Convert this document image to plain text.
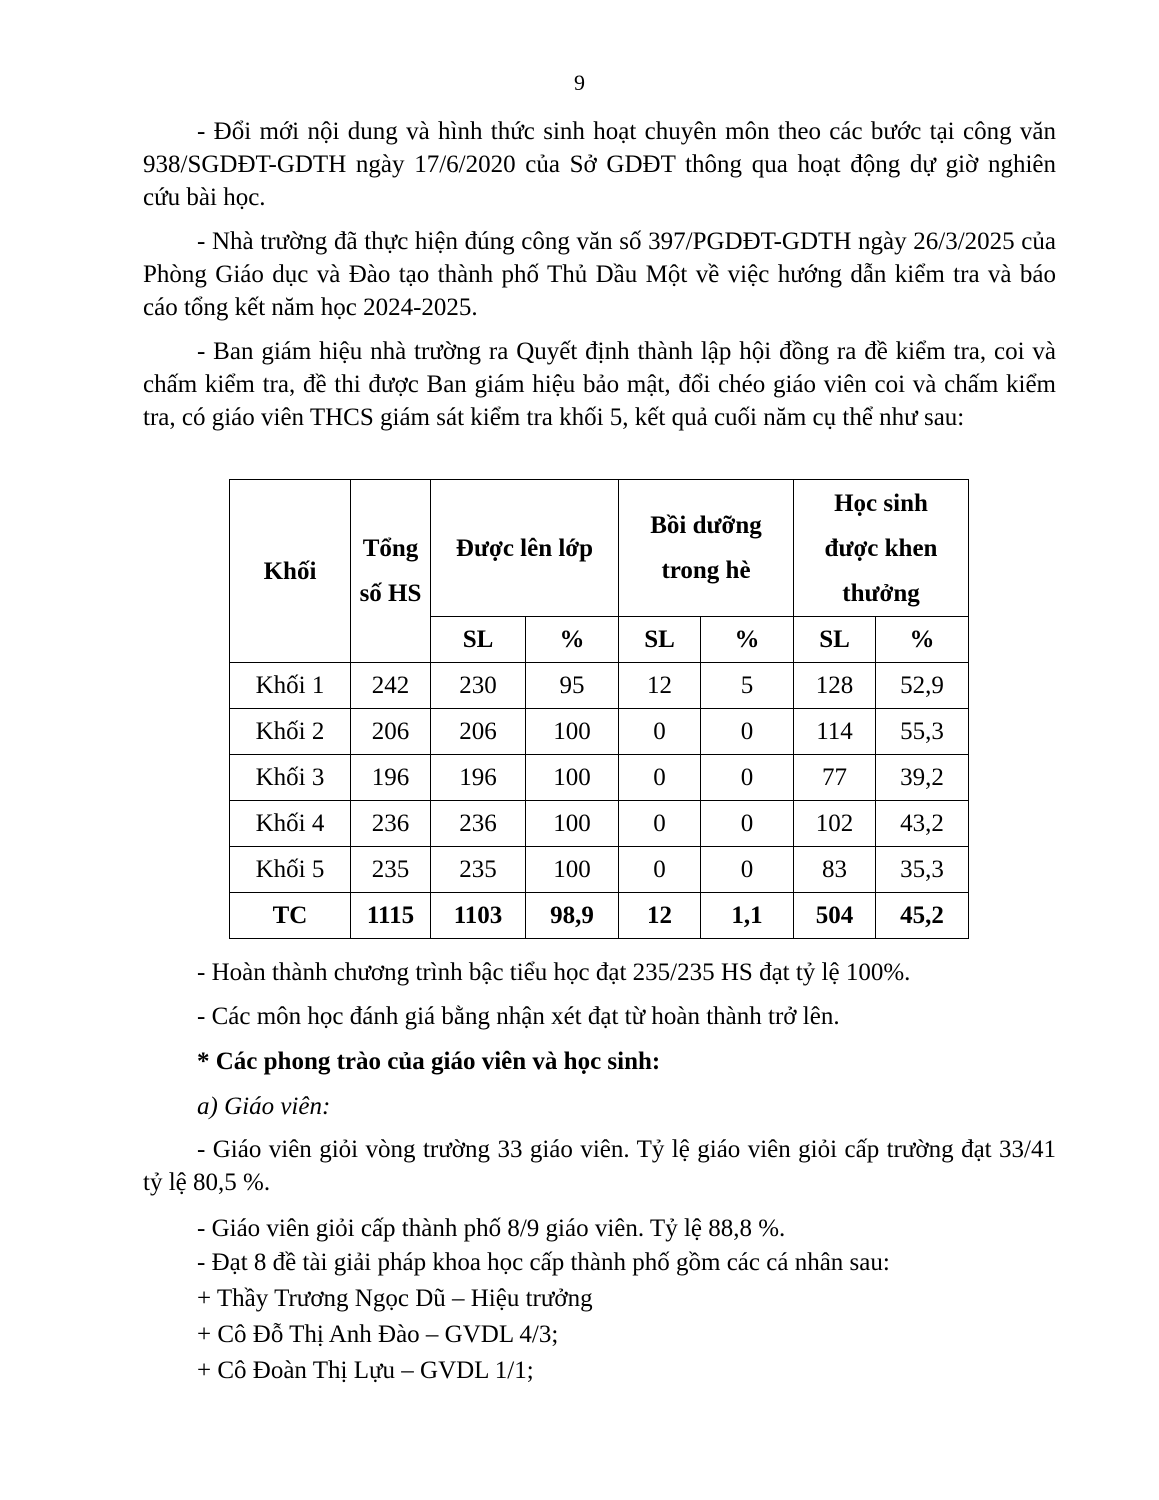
9

- Đổi mới nội dung và hình thức sinh hoạt chuyên môn theo các bước tại công văn 938/SGDĐT-GDTH ngày 17/6/2020 của Sở GDĐT thông qua hoạt động dự giờ nghiên cứu bài học.

- Nhà trường đã thực hiện đúng công văn số 397/PGDĐT-GDTH ngày 26/3/2025 của Phòng Giáo dục và Đào tạo thành phố Thủ Dầu Một về việc hướng dẫn kiểm tra và báo cáo tổng kết năm học 2024-2025.

- Ban giám hiệu nhà trường ra Quyết định thành lập hội đồng ra đề kiểm tra, coi và chấm kiểm tra, đề thi được Ban giám hiệu bảo mật, đổi chéo giáo viên coi và chấm kiểm tra, có giáo viên THCS giám sát kiểm tra khối 5, kết quả cuối năm cụ thể như sau:

Khối	Tổng số HS	Được lên lớp		Bồi dưỡng trong hè		Học sinh được khen thưởng	
		SL	%	SL	%	SL	%
Khối 1	242	230	95	12	5	128	52,9
Khối 2	206	206	100	0	0	114	55,3
Khối 3	196	196	100	0	0	77	39,2
Khối 4	236	236	100	0	0	102	43,2
Khối 5	235	235	100	0	0	83	35,3
TC	1115	1103	98,9	12	1,1	504	45,2
- Hoàn thành chương trình bậc tiểu học đạt 235/235 HS đạt tỷ lệ 100%.
- Các môn học đánh giá bằng nhận xét đạt từ hoàn thành trở lên.
* Các phong trào của giáo viên và học sinh:
a) Giáo viên:

- Giáo viên giỏi vòng trường 33 giáo viên. Tỷ lệ giáo viên giỏi cấp trường đạt 33/41 tỷ lệ 80,5 %.

- Giáo viên giỏi cấp thành phố 8/9 giáo viên. Tỷ lệ 88,8 %.
- Đạt 8 đề tài giải pháp khoa học cấp thành phố gồm các cá nhân sau:
+ Thầy Trương Ngọc Dũ – Hiệu trưởng
+ Cô Đỗ Thị Anh Đào – GVDL 4/3;
+ Cô Đoàn Thị Lựu – GVDL 1/1;
